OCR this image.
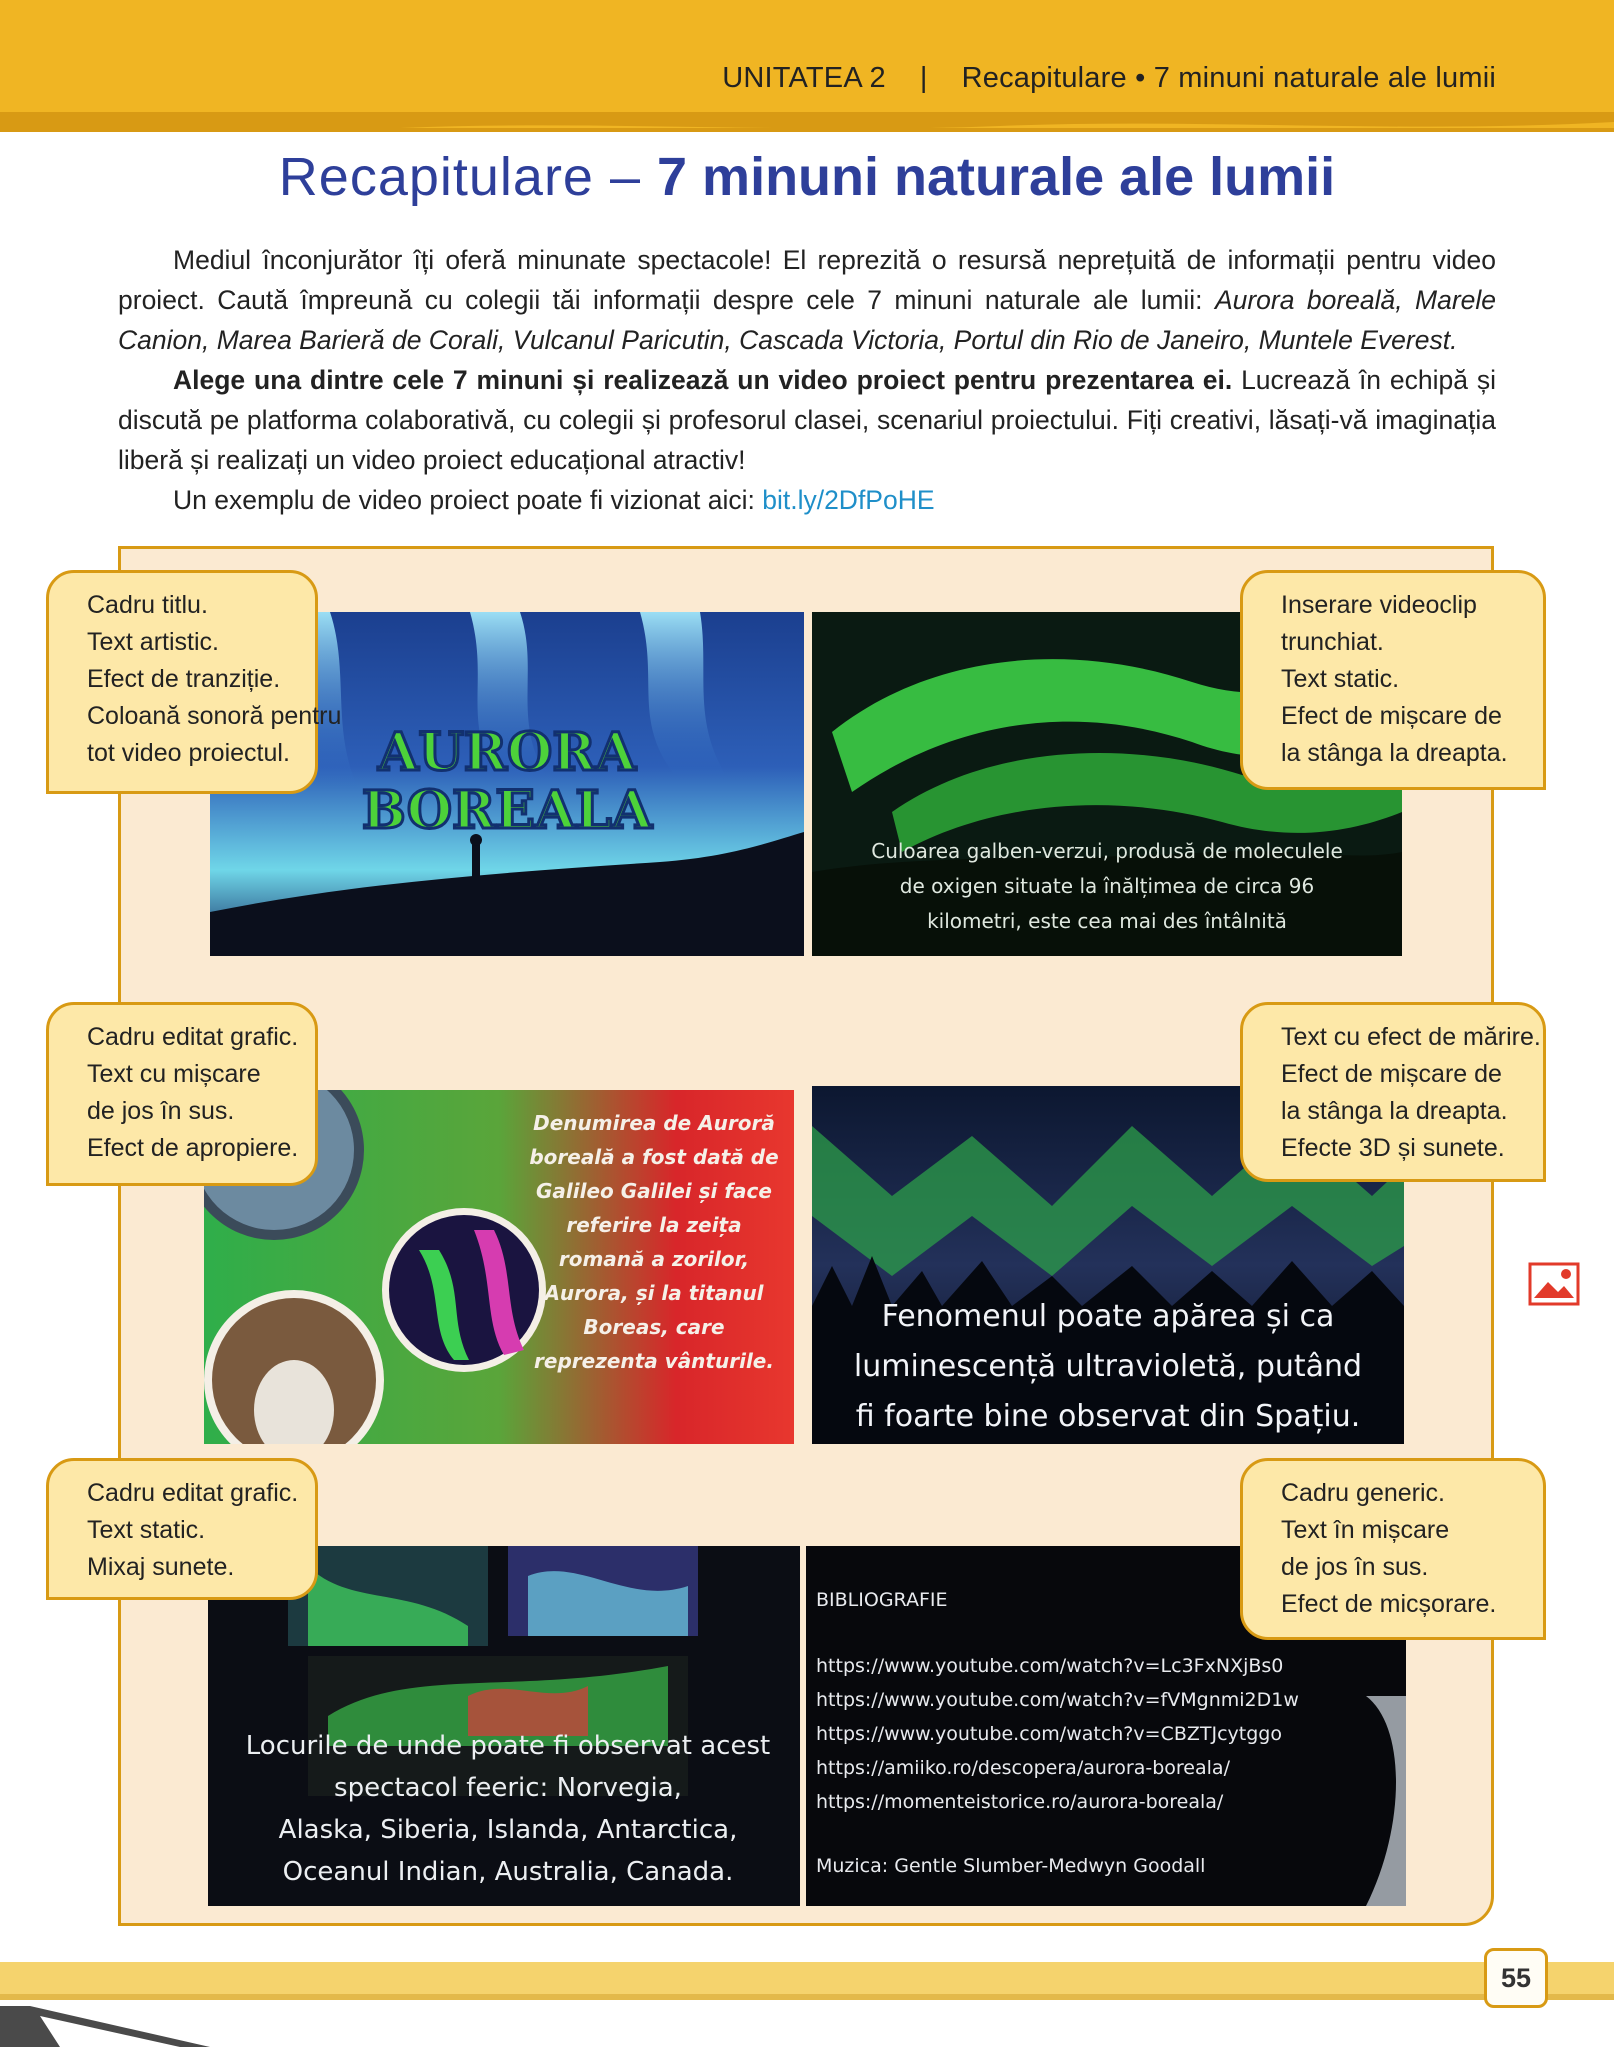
UNITATEA 2 | Recapitulare • 7 minuni naturale ale lumii
Recapitulare – 7 minuni naturale ale lumii

Mediul înconjurător îți oferă minunate spectacole! El reprezită o resursă neprețuită de informații pentru video proiect. Caută împreună cu colegii tăi informații despre cele 7 minuni naturale ale lumii: Aurora boreală, Marele Canion, Marea Barieră de Corali, Vulcanul Paricutin, Cascada Victoria, Portul din Rio de Janeiro, Muntele Everest.

Alege una dintre cele 7 minuni și realizează un video proiect pentru prezentarea ei. Lucrează în echipă și discută pe platforma colaborativă, cu colegii și profesorul clasei, scenariul proiectului. Fiți creativi, lăsați-vă imaginația liberă și realizați un video proiect educațional atractiv!

Un exemplu de video proiect poate fi vizionat aici: bit.ly/2DfPoHE

AURORA
BOREALA
Culoarea galben-verzui, produsă de moleculele
de oxigen situate la înălțimea de circa 96
kilometri, este cea mai des întâlnită
Denumirea de Auroră
boreală a fost dată de
Galileo Galilei și face
referire la zeița
romană a zorilor,
Aurora, și la titanul
Boreas, care
reprezenta vânturile.
Fenomenul poate apărea și ca
luminescență ultravioletă, putând
fi foarte bine observat din Spațiu.
Locurile de unde poate fi observat acest
spectacol feeric: Norvegia,
Alaska, Siberia, Islanda, Antarctica,
Oceanul Indian, Australia, Canada.
BIBLIOGRAFIE
https://www.youtube.com/watch?v=Lc3FxNXjBs0
https://www.youtube.com/watch?v=fVMgnmi2D1w
https://www.youtube.com/watch?v=CBZTJcytggo
https://amiiko.ro/descopera/aurora-boreala/
https://momenteistorice.ro/aurora-boreala/
Muzica: Gentle Slumber-Medwyn Goodall
Cadru titlu.
Text artistic.
Efect de tranziție.
Coloană sonoră pentru
tot video proiectul.
Inserare videoclip
trunchiat.
Text static.
Efect de mișcare de
la stânga la dreapta.
Cadru editat grafic.
Text cu mișcare
de jos în sus.
Efect de apropiere.
Text cu efect de mărire.
Efect de mișcare de
la stânga la dreapta.
Efecte 3D și sunete.
Cadru editat grafic.
Text static.
Mixaj sunete.
Cadru generic.
Text în mișcare
de jos în sus.
Efect de micșorare.
55
